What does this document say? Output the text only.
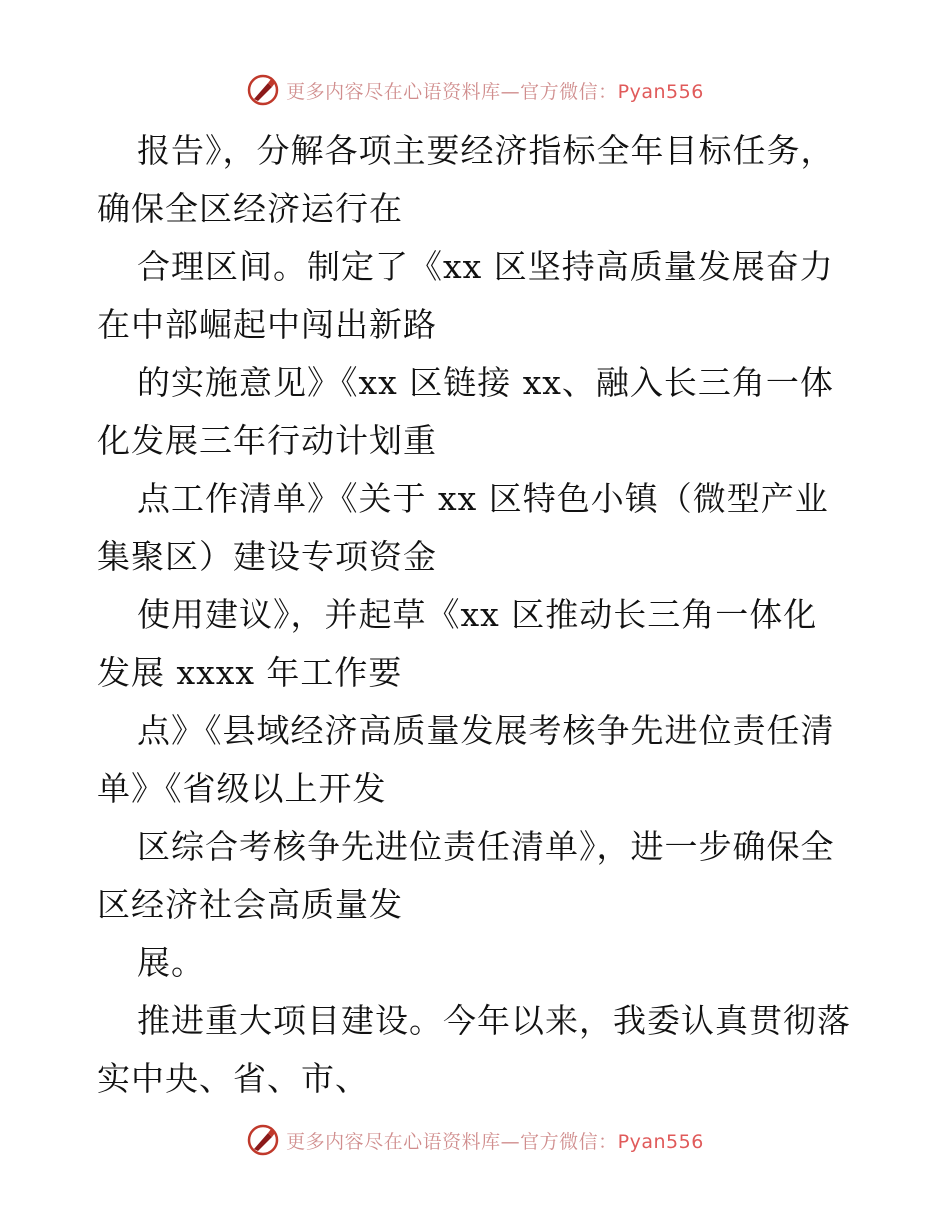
更多内容尽在心语资料库—官方微信：Pyan556
报告》，分解各项主要经济指标全年目标任务，
确保全区经济运行在
合理区间。制定了《xx 区坚持高质量发展奋力
在中部崛起中闯出新路
的实施意见》《xx 区链接 xx、融入长三角一体
化发展三年行动计划重
点工作清单》《关于 xx 区特色小镇（微型产业
集聚区）建设专项资金
使用建议》，并起草《xx 区推动长三角一体化
发展 xxxx 年工作要
点》《县域经济高质量发展考核争先进位责任清
单》《省级以上开发
区综合考核争先进位责任清单》，进一步确保全
区经济社会高质量发
展。
推进重大项目建设。今年以来，我委认真贯彻落
实中央、省、市、
更多内容尽在心语资料库—官方微信：Pyan556
